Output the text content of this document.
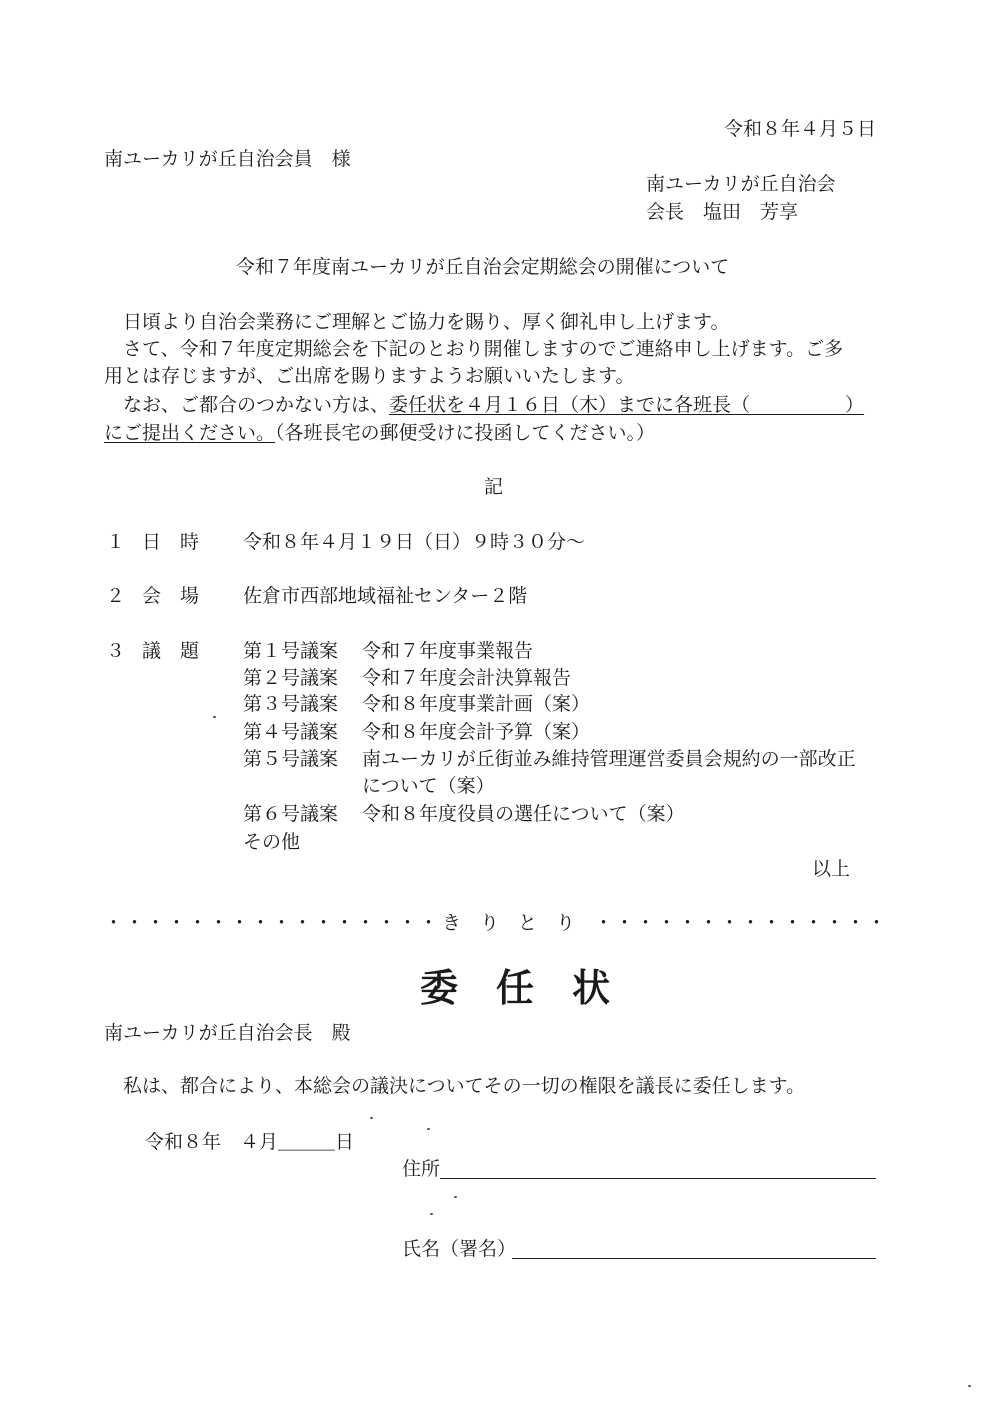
令和８年４月５日
南ユーカリが丘自治会員　様
南ユーカリが丘自治会
会長　塩田　芳享
令和７年度南ユーカリが丘自治会定期総会の開催について
日頃より自治会業務にご理解とご協力を賜り、厚く御礼申し上げます。
さて、令和７年度定期総会を下記のとおり開催しますのでご連絡申し上げます。ご多
用とは存じますが、ご出席を賜りますようお願いいたします。
なお、ご都合のつかない方は、委任状を４月１６日（木）までに各班長（　　　　　）
にご提出ください。（各班長宅の郵便受けに投函してください。）
記
１ 日　時 令和８年４月１９日（日）９時３０分～
２ 会　場 佐倉市西部地域福祉センター２階
３ 議　題 第１号議案 令和７年度事業報告
第２号議案 令和７年度会計決算報告
第３号議案 令和８年度事業計画（案）
第４号議案 令和８年度会計予算（案）
第５号議案 南ユーカリが丘街並み維持管理運営委員会規約の一部改正
について（案）
第６号議案 令和８年度役員の選任について（案）
その他
以上
・・・・・・・・・・・・・・・・ き　り　と　り ・・・・・・・・・・・・・・
委　任　状
南ユーカリが丘自治会長　殿
私は、都合により、本総会の議決についてその一切の権限を議長に委任します。
令和８年　４月＿＿＿日
住所
氏名（署名）
